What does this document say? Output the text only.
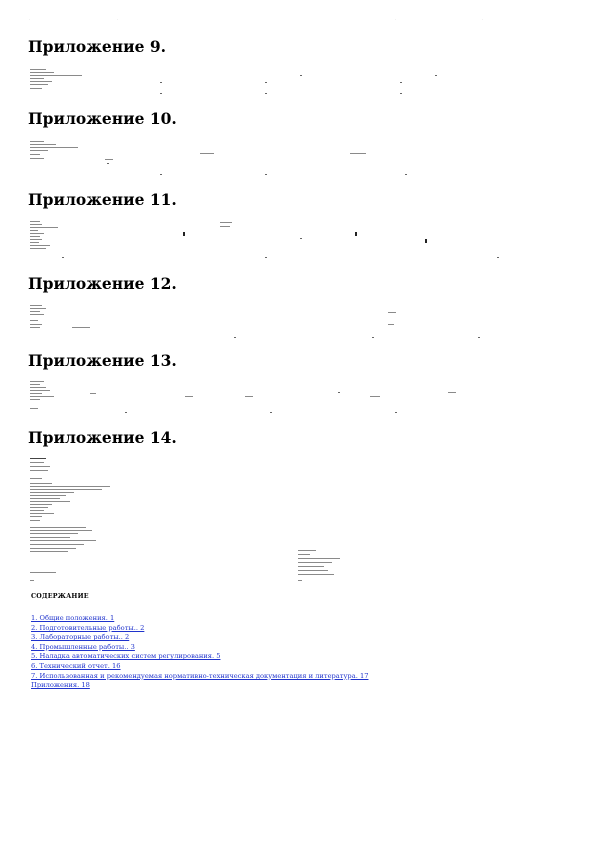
·	·	·	·
Приложение 9.
Приложение 10.
Приложение 11.
Приложение 12.
Приложение 13.
Приложение 14.
СОДЕРЖАНИЕ
1. Общие положения. 1
2. Подготовительные работы.. 2
3. Лабораторные работы.. 2
4. Промышленные работы.. 3
5. Наладка автоматических систем регулирования. 5
6. Технический отчет. 16
7. Использованная и рекомендуемая нормативно-техническая документация и литература. 17
Приложения. 18
